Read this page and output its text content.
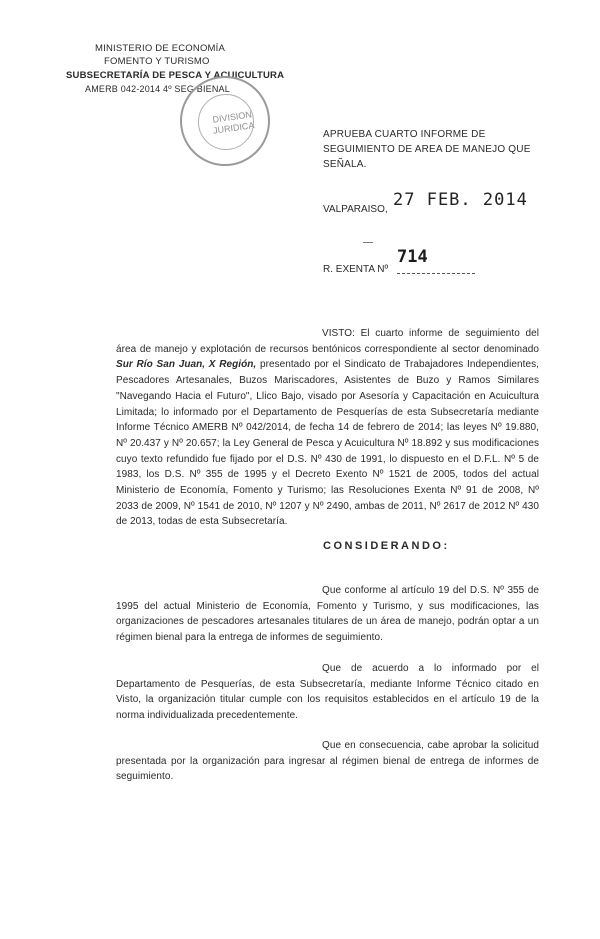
MINISTERIO DE ECONOMÍA
FOMENTO Y TURISMO
SUBSECRETARÍA DE PESCA Y ACUICULTURA
AMERB 042-2014 4º SEG BIENAL
DIVISION
JURIDICA	APRUEBA CUARTO INFORME DE SEGUIMIENTO DE AREA DE MANEJO QUE SEÑALA.
VALPARAISO, 27 FEB. 2014
R. EXENTA Nº
714
VISTO: El cuarto informe de seguimiento del área de manejo y explotación de recursos bentónicos correspondiente al sector denominado Sur Río San Juan, X Región, presentado por el Sindicato de Trabajadores Independientes, Pescadores Artesanales, Buzos Mariscadores, Asistentes de Buzo y Ramos Similares "Navegando Hacia el Futuro", Llico Bajo, visado por Asesoría y Capacitación en Acuicultura Limitada; lo informado por el Departamento de Pesquerías de esta Subsecretaría mediante Informe Técnico AMERB Nº 042/2014, de fecha 14 de febrero de 2014; las leyes Nº 19.880, Nº 20.437 y Nº 20.657; la Ley General de Pesca y Acuicultura Nº 18.892 y sus modificaciones cuyo texto refundido fue fijado por el D.S. Nº 430 de 1991, lo dispuesto en el D.F.L. Nº 5 de 1983, los D.S. Nº 355 de 1995 y el Decreto Exento Nº 1521 de 2005, todos del actual Ministerio de Economía, Fomento y Turismo; las Resoluciones Exenta Nº 91 de 2008, Nº 2033 de 2009, Nº 1541 de 2010, Nº 1207 y Nº 2490, ambas de 2011, Nº 2617 de 2012 Nº 430 de 2013, todas de esta Subsecretaría.
CONSIDERANDO:
Que conforme al artículo 19 del D.S. Nº 355 de 1995 del actual Ministerio de Economía, Fomento y Turismo, y sus modificaciones, las organizaciones de pescadores artesanales titulares de un área de manejo, podrán optar a un régimen bienal para la entrega de informes de seguimiento.
Que de acuerdo a lo informado por el Departamento de Pesquerías, de esta Subsecretaría, mediante Informe Técnico citado en Visto, la organización titular cumple con los requisitos establecidos en el artículo 19 de la norma individualizada precedentemente.
Que en consecuencia, cabe aprobar la solicitud presentada por la organización para ingresar al régimen bienal de entrega de informes de seguimiento.
